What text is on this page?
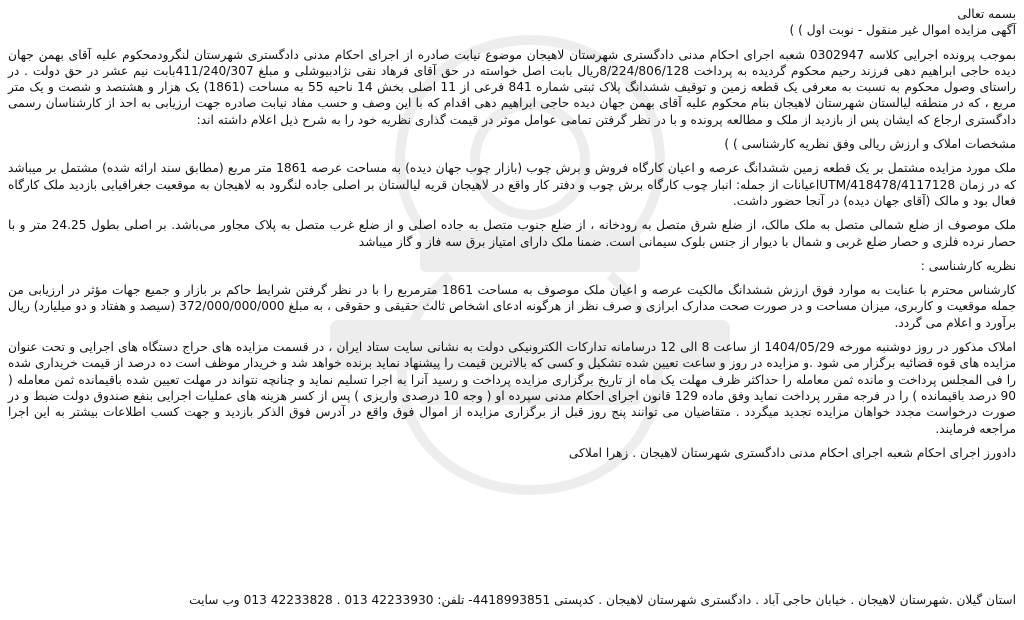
بسمه تعالی

آگهی مزایده اموال غیر منقول - نوبت اول ) )

بموجب پرونده اجرایی کلاسه 0302947 شعبه اجرای احکام مدنی دادگستری شهرستان لاهیجان موضوع نیابت صادره از اجرای احکام مدنی دادگستری شهرستان لنگرودمحکوم علیه آقای بهمن جهان دیده حاجی ابراهیم دهی فرزند رحیم محکوم گردیده به پرداخت 8/224/806/128ریال بابت اصل خواسته در حق آقای فرهاد نقی نژادبیوشلی و مبلغ 411/240/307بابت نیم عشر در حق دولت . در راستای وصول محکوم به نسبت به معرفی یک قطعه زمین و توقیف ششدانگ پلاک ثبتی شماره 841 فرعی از 11 اصلی بخش 14 ناحیه 55 به مساحت (1861) یک هزار و هشتصد و شصت و یک متر مربع ، که در منطقه لیالستان شهرستان لاهیجان بنام محکوم علیه آقای بهمن جهان دیده حاجی ابراهیم دهی اقدام که با این وصف و حسب مفاد نیابت صادره جهت ارزیابی به احد از کارشناسان رسمی دادگستری ارجاع که ایشان پس از بازدید از ملک و مطالعه پرونده و با در نظر گرفتن تمامی عوامل موثر در قیمت گذاری نظریه خود را به شرح ذیل اعلام داشته اند:

مشخصات املاک و ارزش ریالی وفق نظریه کارشناسی ) )

ملک مورد مزایده مشتمل بر یک قطعه زمین ششدانگ عرصه و اعیان کارگاه فروش و برش چوب (بازار چوب جهان دیده) به مساحت عرصه 1861 متر مربع (مطابق سند ارائه شده) مشتمل بر میباشد که در زمان UTM/418478/4117128اعیانات از جمله: انبار چوب کارگاه برش چوب و دفتر کار واقع در لاهیجان قریه لیالستان بر اصلی جاده لنگرود به لاهیجان به موقعیت جغرافیایی بازدید ملک کارگاه فعال بود و مالک (آقای جهان دیده) در آنجا حضور داشت.

ملک موصوف از ضلع شمالی متصل به ملک مالک، از ضلع شرق متصل به رودخانه ، از ضلع جنوب متصل به جاده اصلی و از ضلع غرب متصل به پلاک مجاور می‌باشد. بر اصلی بطول 24.25 متر و با حصار نرده فلزی و حصار ضلع غربی و شمال با دیوار از جنس بلوک سیمانی است. ضمنا ملک دارای امتیاز برق سه فاز و گاز میباشد

نظریه کارشناسی :

کارشناس محترم با عنایت به موارد فوق ارزش ششدانگ مالکیت عرصه و اعیان ملک موصوف به مساحت 1861 مترمربع را با در نظر گرفتن شرایط حاکم بر بازار و جمیع جهات مؤثر در ارزیابی من جمله موقعیت و کاربری، میزان مساحت و در صورت صحت مدارک ابرازی و صرف نظر از هرگونه ادعای اشخاص ثالث حقیقی و حقوقی ، به مبلغ 372/000/000/000 (سیصد و هفتاد و دو میلیارد) ریال برآورد و اعلام می گردد.

املاک مذکور در روز دوشنبه مورخه 1404/05/29 از ساعت 8 الی 12 درسامانه تدارکات الکترونیکی دولت به نشانی سایت ستاد ایران ، در قسمت مزایده های حراج دستگاه های اجرایی و تحت عنوان مزایده های قوه قضائیه برگزار می شود .و مزایده در روز و ساعت تعیین شده تشکیل و کسی که بالاترین قیمت را پیشنهاد نماید برنده خواهد شد و خریدار موظف است ده درصد از قیمت خریداری شده را فی المجلس پرداخت و مانده ثمن معامله را حداکثر ظرف مهلت یک ماه از تاریخ برگزاری مزایده پرداخت و رسید آنرا به اجرا تسلیم نماید و چنانچه نتواند در مهلت تعیین شده باقیمانده ثمن معامله ( 90 درصد باقیمانده ) را در فرجه مقرر پرداخت نماید وفق ماده 129 قانون اجرای احکام مدنی سپرده او ( وجه 10 درصدی واریزی ) پس از کسر هزینه های عملیات اجرایی بنفع صندوق دولت ضبط و در صورت درخواست مجدد خواهان مزایده تجدید میگردد . متقاضیان می توانند پنج روز قبل از برگزاری مزایده از اموال فوق واقع در آدرس فوق الذکر بازدید و جهت کسب اطلاعات بیشتر به این اجرا مراجعه فرمایند.

دادورز اجرای احکام شعبه اجرای احکام مدنی دادگستری شهرستان لاهیجان . زهرا املاکی

استان گیلان .شهرستان لاهیجان . خیابان حاجی آباد . دادگستری شهرستان لاهیجان . کدپستی 4418993851- تلفن: 42233930 013 . 42233828 013 وب سایت
